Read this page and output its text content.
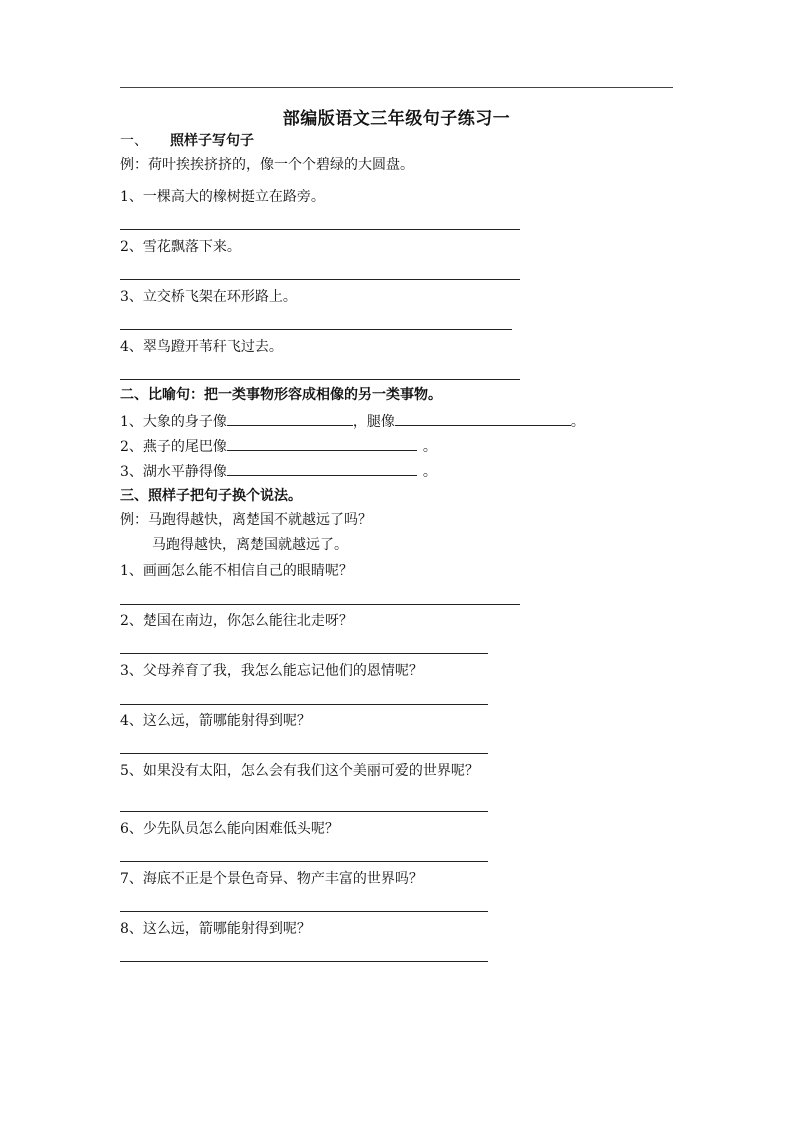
部编版语文三年级句子练习一
一、 照样子写句子
例：荷叶挨挨挤挤的，像一个个碧绿的大圆盘。
1、一棵高大的橡树挺立在路旁。
2、雪花飘落下来。
3、立交桥飞架在环形路上。
4、翠鸟蹬开苇秆飞过去。
二、比喻句：把一类事物形容成相像的另一类事物。
1、大象的身子像	，腿像	。
2、燕子的尾巴像	。
3、湖水平静得像	。
三、照样子把句子换个说法。
例：马跑得越快，离楚国不就越远了吗？
马跑得越快，离楚国就越远了。
1、画画怎么能不相信自己的眼睛呢？
2、楚国在南边，你怎么能往北走呀？
3、父母养育了我，我怎么能忘记他们的恩情呢？
4、这么远，箭哪能射得到呢？
5、如果没有太阳，怎么会有我们这个美丽可爱的世界呢？
6、少先队员怎么能向困难低头呢？
7、海底不正是个景色奇异、物产丰富的世界吗？
8、这么远，箭哪能射得到呢？
